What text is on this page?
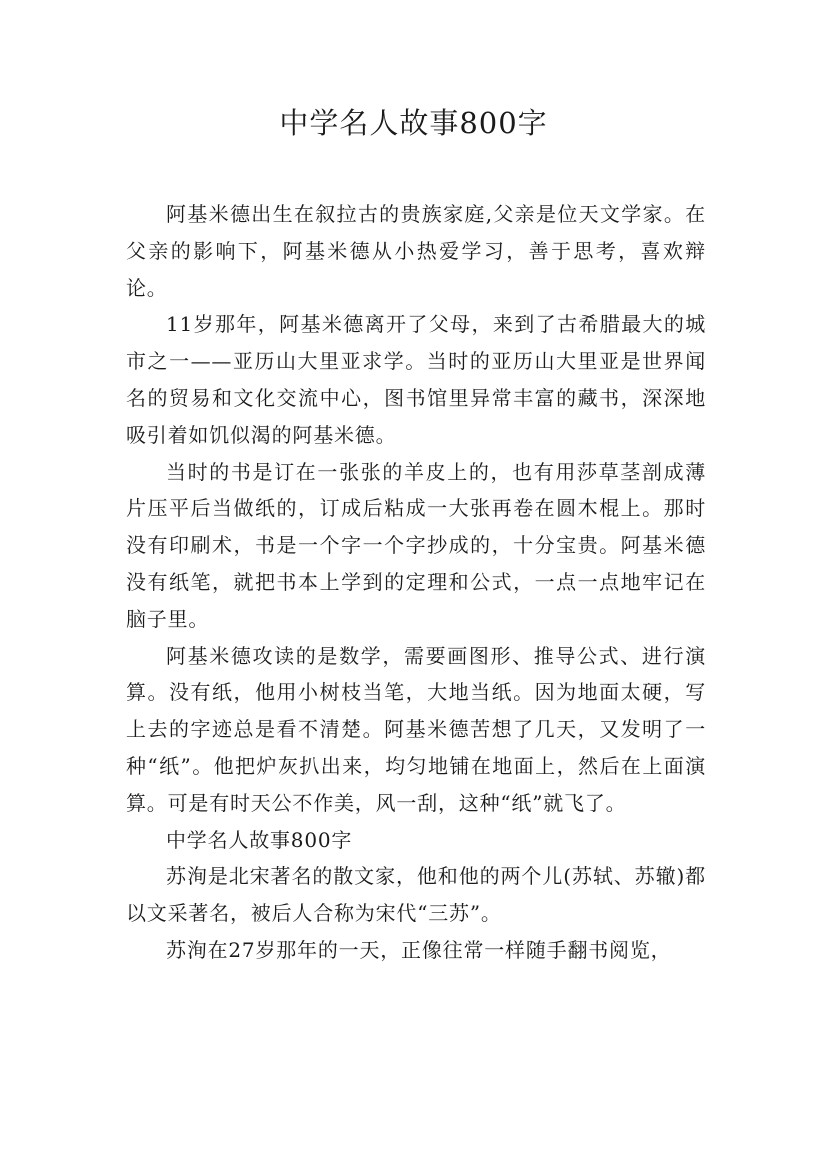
中学名人故事800字

阿基米德出生在叙拉古的贵族家庭,父亲是位天文学家。在父亲的影响下，阿基米德从小热爱学习，善于思考，喜欢辩论。

11岁那年，阿基米德离开了父母，来到了古希腊最大的城市之一——亚历山大里亚求学。当时的亚历山大里亚是世界闻名的贸易和文化交流中心，图书馆里异常丰富的藏书，深深地吸引着如饥似渴的阿基米德。

当时的书是订在一张张的羊皮上的，也有用莎草茎剖成薄片压平后当做纸的，订成后粘成一大张再卷在圆木棍上。那时没有印刷术，书是一个字一个字抄成的，十分宝贵。阿基米德没有纸笔，就把书本上学到的定理和公式，一点一点地牢记在脑子里。

阿基米德攻读的是数学，需要画图形、推导公式、进行演算。没有纸，他用小树枝当笔，大地当纸。因为地面太硬，写上去的字迹总是看不清楚。阿基米德苦想了几天，又发明了一种“纸”。他把炉灰扒出来，均匀地铺在地面上，然后在上面演算。可是有时天公不作美，风一刮，这种“纸”就飞了。

中学名人故事800字

苏洵是北宋著名的散文家，他和他的两个儿(苏轼、苏辙)都以文采著名，被后人合称为宋代“三苏”。

苏洵在27岁那年的一天，正像往常一样随手翻书阅览，
